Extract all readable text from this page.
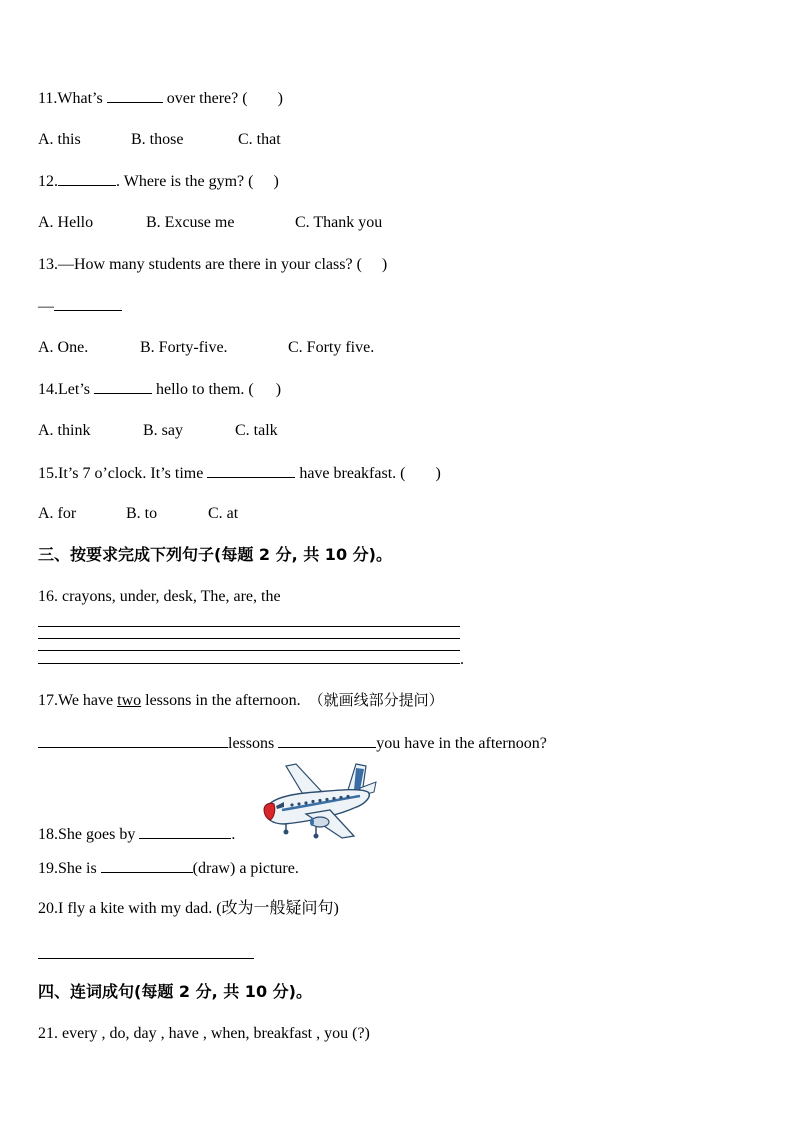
11.What’s	over there? ( )
A. this	B. those	C. that
12.	. Where is the gym? ( )
A. Hello	B. Excuse me	C. Thank you
13.—How many students are there in your class? ( )
—
A. One.	B. Forty-five.	C. Forty five.
14.Let’s	hello to them. ( )
A. think	B. say	C. talk
15.It’s 7 o’clock. It’s time	have breakfast. ( )
A. for	B. to	C. at
三、按要求完成下列句子(每题 2 分, 共 10 分)。
16. crayons, under, desk, The, are, the
.
17.We have two lessons in the afternoon. （就画线部分提问）
lessons	you have in the afternoon?
18.She goes by	.
19.She is	(draw) a picture.
20.I fly a kite with my dad. (改为一般疑问句)
四、连词成句(每题 2 分, 共 10 分)。
21. every , do, day , have , when, breakfast , you (?)
